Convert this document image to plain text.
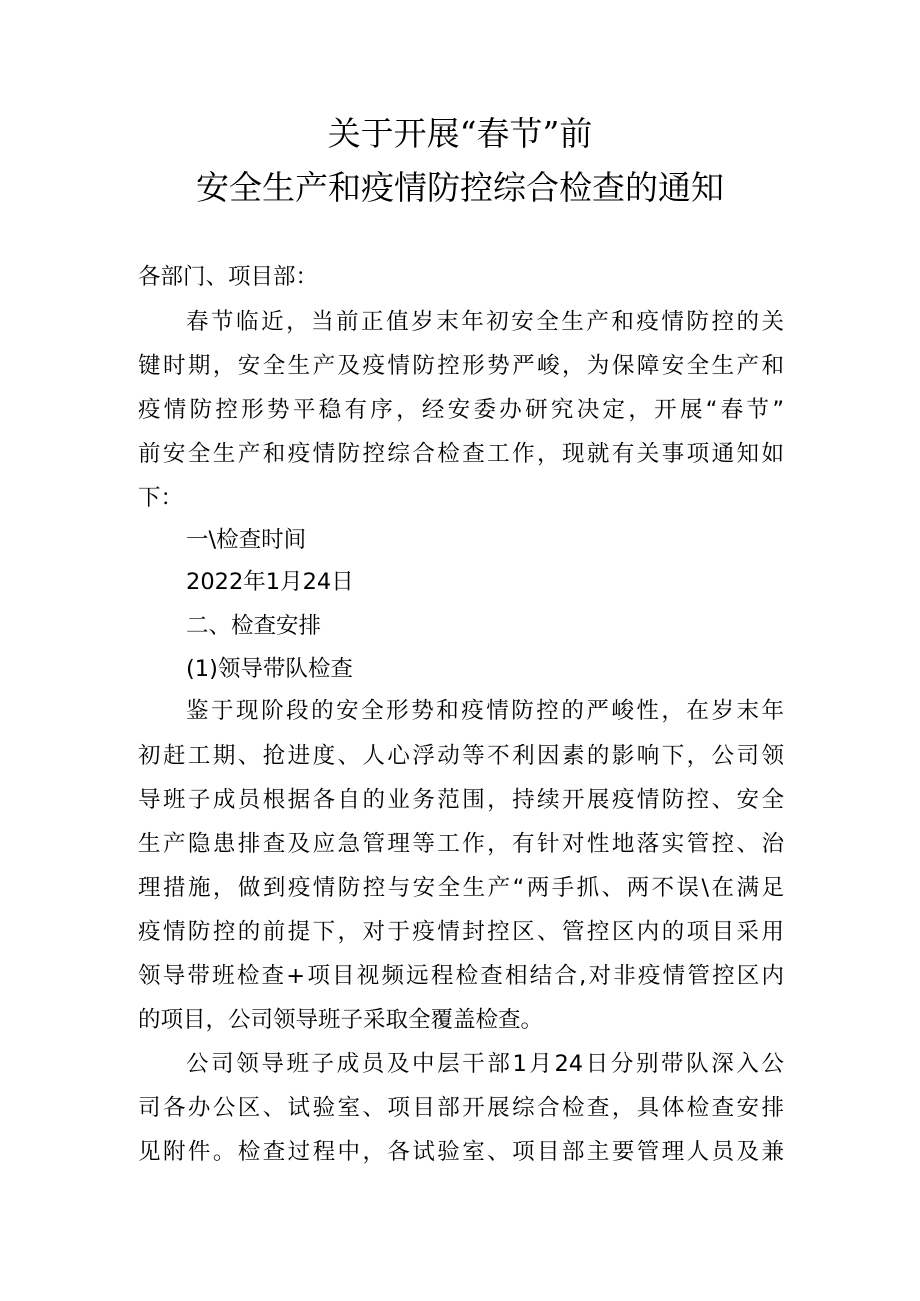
关于开展“春节”前
安全生产和疫情防控综合检查的通知
各部门、项目部：
春节临近，当前正值岁末年初安全生产和疫情防控的关
键时期，安全生产及疫情防控形势严峻，为保障安全生产和
疫情防控形势平稳有序，经安委办研究决定，开展“春节”
前安全生产和疫情防控综合检查工作，现就有关事项通知如
下：
一\检查时间
2022年1月24日
二、检查安排
(1)领导带队检查
鉴于现阶段的安全形势和疫情防控的严峻性，在岁末年
初赶工期、抢进度、人心浮动等不利因素的影响下，公司领
导班子成员根据各自的业务范围，持续开展疫情防控、安全
生产隐患排查及应急管理等工作，有针对性地落实管控、治
理措施，做到疫情防控与安全生产“两手抓、两不误\在满足
疫情防控的前提下，对于疫情封控区、管控区内的项目采用
领导带班检查+项目视频远程检查相结合,对非疫情管控区内
的项目，公司领导班子采取全覆盖检查。
公司领导班子成员及中层干部1月24日分别带队深入公
司各办公区、试验室、项目部开展综合检查，具体检查安排
见附件。检查过程中，各试验室、项目部主要管理人员及兼
